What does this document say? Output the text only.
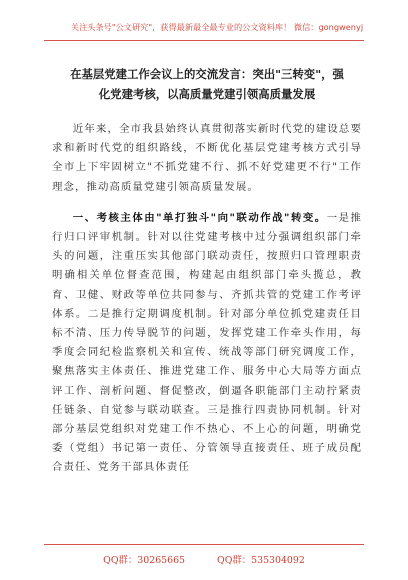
关注头条号"公文研究"，获得最新最全最专业的公文资料库！ 微信：gongwenyj
在基层党建工作会议上的交流发言：突出"三转变"，强
化党建考核，以高质量党建引领高质量发展

近年来，全市我县始终认真贯彻落实新时代党的建设总要求和新时代党的组织路线，不断优化基层党建考核方式引导全市上下牢固树立"不抓党建不行、抓不好党建更不行"工作理念，推动高质量党建引领高质量发展。

一、考核主体由"单打独斗"向"联动作战"转变。一是推行归口评审机制。针对以往党建考核中过分强调组织部门牵头的问题，注重压实其他部门联动责任，按照归口管理职责明确相关单位督查范围，构建起由组织部门牵头揽总，教育、卫健、财政等单位共同参与、齐抓共管的党建工作考评体系。二是推行定期调度机制。针对部分单位抓党建责任目标不清、压力传导脱节的问题，发挥党建工作牵头作用，每季度会同纪检监察机关和宣传、统战等部门研究调度工作，聚焦落实主体责任、推进党建工作、服务中心大局等方面点评工作、剖析问题、督促整改，倒逼各职能部门主动拧紧责任链条、自觉参与联动联查。三是推行四责协同机制。针对部分基层党组织对党建工作不热心、不上心的问题，明确党委（党组）书记第一责任、分管领导直接责任、班子成员配合责任、党务干部具体责任

QQ群：30265665	QQ群：535304092
